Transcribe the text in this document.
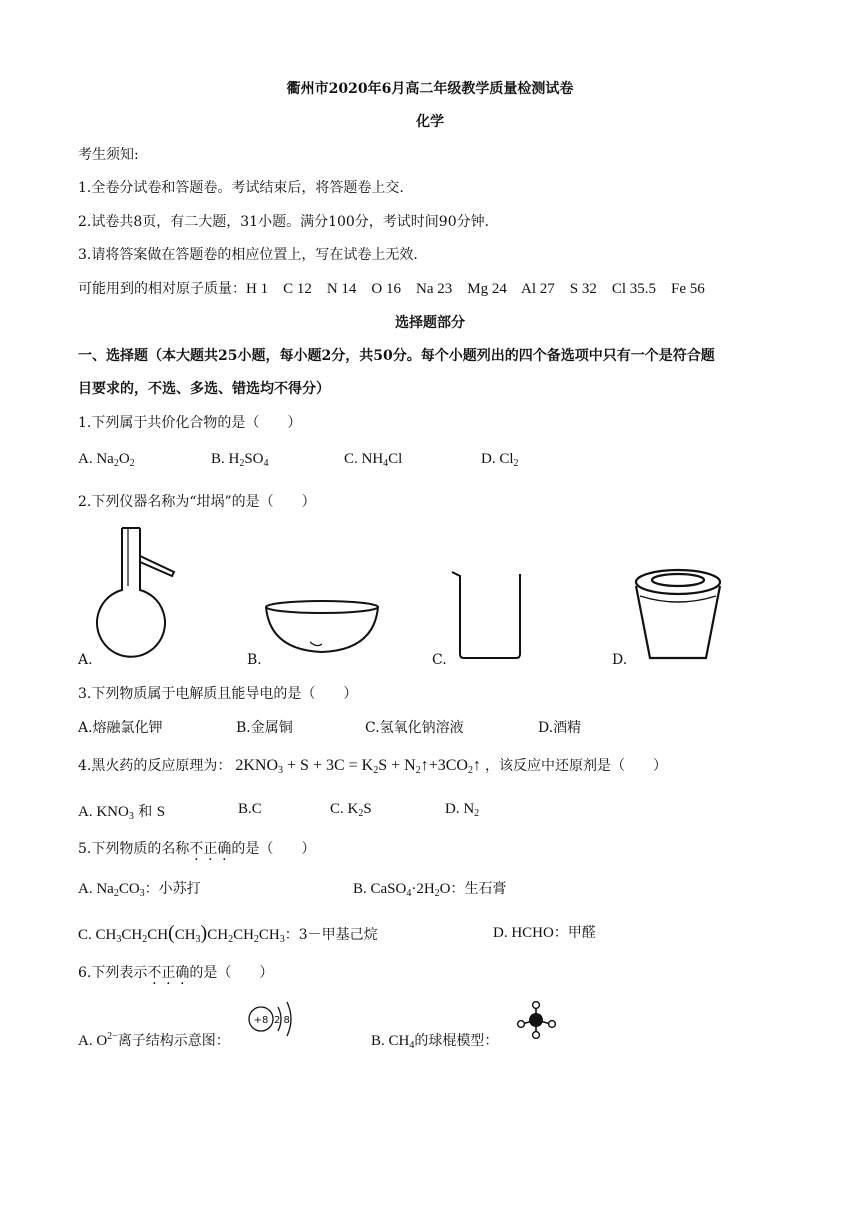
衢州市2020年6月高二年级教学质量检测试卷
化学
考生须知:
1.全卷分试卷和答题卷。考试结束后，将答题卷上交.
2.试卷共8页，有二大题，31小题。满分100分，考试时间90分钟.
3.请将答案做在答题卷的相应位置上，写在试卷上无效.
可能用到的相对原子质量：H 1    C 12    N 14    O 16    Na 23    Mg 24    Al 27    S 32    Cl 35.5    Fe 56
选择题部分
一、选择题（本大题共25小题，每小题2分，共50分。每个小题列出的四个备选项中只有一个是符合题
目要求的，不选、多选、错选均不得分）
1.下列属于共价化合物的是（　　）
A. $Na_2O_2$	B. $H_2SO_4$	C. $NH_4Cl$	D. $Cl_2$
2.下列仪器名称为“坩埚”的是（　　）
A.	B.	C.	D.
3.下列物质属于电解质且能导电的是（　　）
A.熔融氯化钾	B.金属铜	C.氢氧化钠溶液	D.酒精
4.黑火药的反应原理为： $2KNO_3 + S + 3C = K_2S$ + $N_2↑+3CO_2↑$ ，该反应中还原剂是（　　）
A. $KNO_3$ 和 S	B.C	C. $K_2S$	D. $N_2$
5.下列物质的名称不正确的是（　　）
A. $Na_2CO_3$：小苏打	B. $CaSO_4\cdot 2H_2O$：生石膏
C. $CH_3CH_2CH(CH_3)CH_2CH_2CH_3$：3－甲基己烷	D. HCHO：甲醛
6.下列表示不正确的是（　　）
A. $O^{2-}$离子结构示意图：
+8 2 8
B. $CH_4$的球棍模型：
